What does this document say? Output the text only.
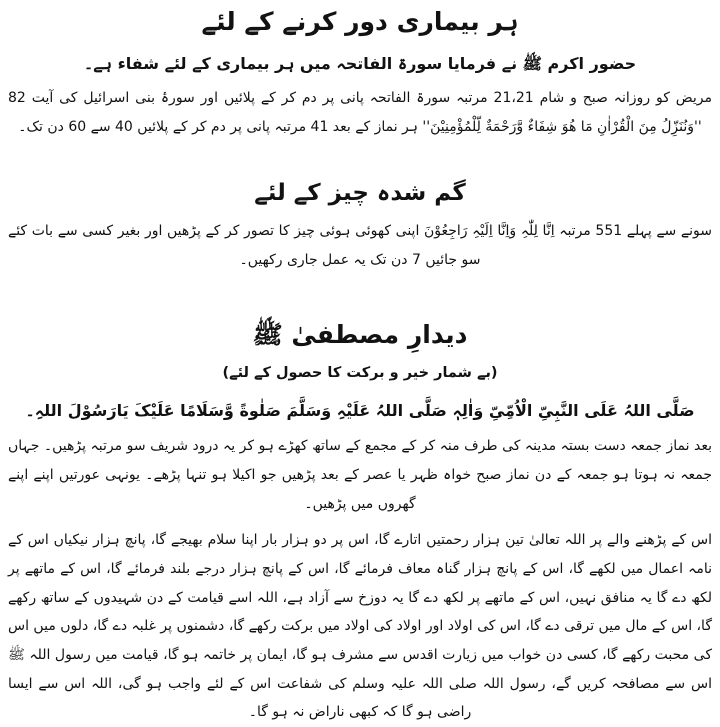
ہر بیماری دور کرنے کے لئے

حضور اکرم ﷺ نے فرمایا سورۃ الفاتحہ میں ہر بیماری کے لئے شفاء ہے۔

مریض کو روزانہ صبح و شام 21،21 مرتبہ سورۃ الفاتحہ پانی پر دم کر کے پلائیں اور سورۂ بنی اسرائیل کی آیت 82 ''وَنُنَزِّلُ مِنَ الْقُرْاٰنِ مَا ھُوَ شِفَاءٌ وَّرَحْمَةٌ لِّلْمُؤْمِنِیْنَ'' ہر نماز کے بعد 41 مرتبہ پانی پر دم کر کے پلائیں 40 سے 60 دن تک۔

گم شدہ چیز کے لئے

سونے سے پہلے 551 مرتبہ اِنَّا لِلّٰہِ وَاِنَّا اِلَیْہِ رَاجِعُوْنَ اپنی کھوئی ہوئی چیز کا تصور کر کے پڑھیں اور بغیر کسی سے بات کئے سو جائیں 7 دن تک یہ عمل جاری رکھیں۔

دیدارِ مصطفیٰ ﷺ

(بے شمار خیر و برکت کا حصول کے لئے)

صَلَّی اللہُ عَلَی النَّبِیِّ الْاُمِّیِّ وَاٰلِہٖ صَلَّی اللہُ عَلَیْہِ وَسَلَّمَ صَلٰوةً وَّسَلَامًا عَلَیْکَ یَارَسُوْلَ اللہِ۔

بعد نماز جمعہ دست بستہ مدینہ کی طرف منہ کر کے مجمع کے ساتھ کھڑے ہو کر یہ درود شریف سو مرتبہ پڑھیں۔ جہاں جمعہ نہ ہوتا ہو جمعہ کے دن نماز صبح خواہ ظہر یا عصر کے بعد پڑھیں جو اکیلا ہو تنہا پڑھے۔ یونہی عورتیں اپنے اپنے گھروں میں پڑھیں۔

اس کے پڑھنے والے پر اللہ تعالیٰ تین ہزار رحمتیں اتارے گا، اس پر دو ہزار بار اپنا سلام بھیجے گا، پانچ ہزار نیکیاں اس کے نامہ اعمال میں لکھے گا، اس کے پانچ ہزار گناہ معاف فرمائے گا، اس کے پانچ ہزار درجے بلند فرمائے گا، اس کے ماتھے پر لکھ دے گا یہ منافق نہیں، اس کے ماتھے پر لکھ دے گا یہ دوزخ سے آزاد ہے، اللہ اسے قیامت کے دن شہیدوں کے ساتھ رکھے گا، اس کے مال میں ترقی دے گا، اس کی اولاد اور اولاد کی اولاد میں برکت رکھے گا، دشمنوں پر غلبہ دے گا، دلوں میں اس کی محبت رکھے گا، کسی دن خواب میں زیارت اقدس سے مشرف ہو گا، ایمان پر خاتمہ ہو گا، قیامت میں رسول اللہ ﷺ اس سے مصافحہ کریں گے، رسول اللہ صلی اللہ علیہ وسلم کی شفاعت اس کے لئے واجب ہو گی، اللہ اس سے ایسا راضی ہو گا کہ کبھی ناراض نہ ہو گا۔
